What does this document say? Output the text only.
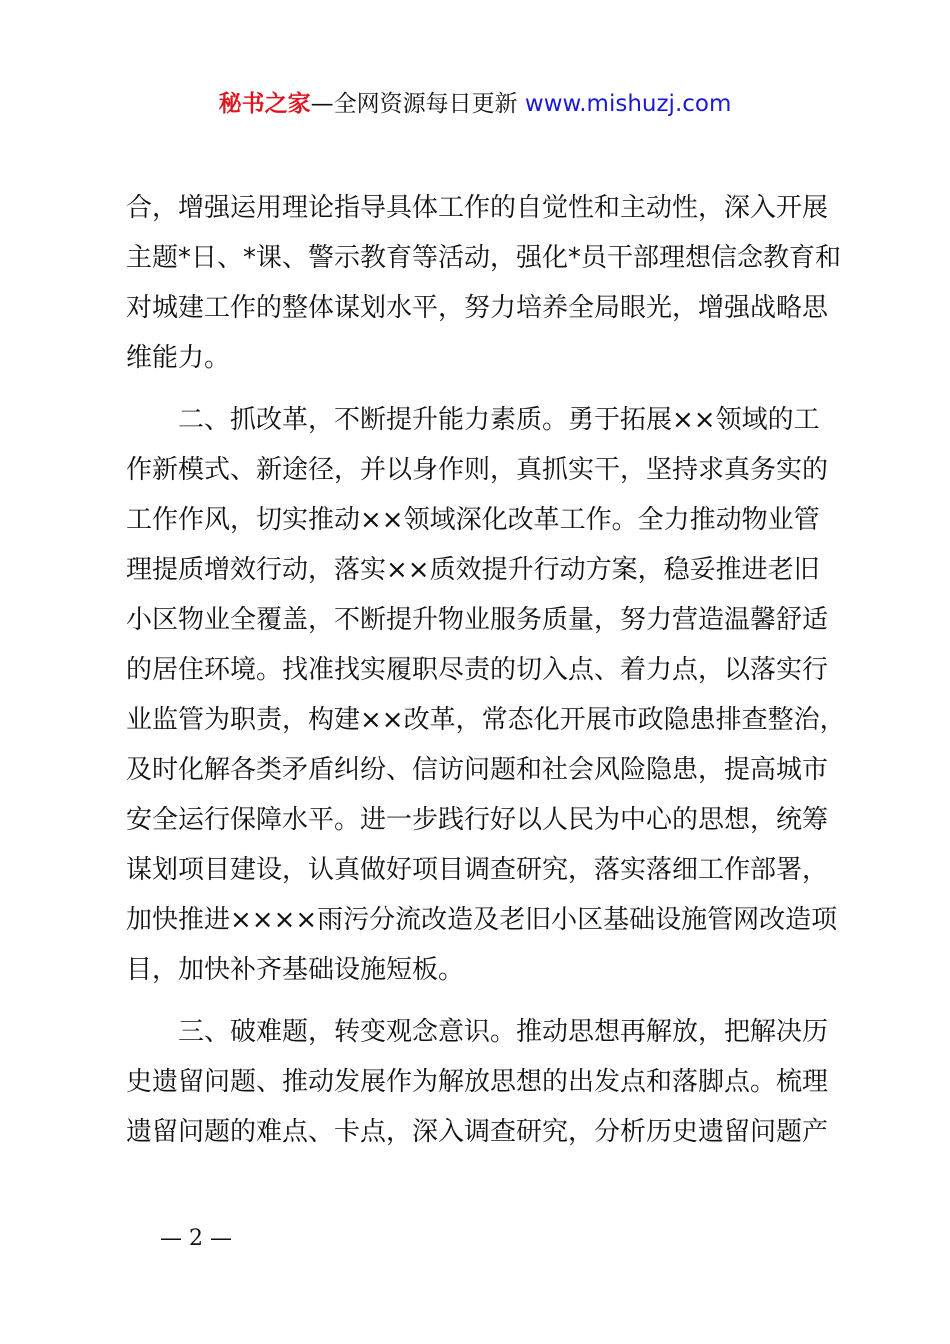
秘书之家—全网资源每日更新 www.mishuzj.com

合，增强运用理论指导具体工作的自觉性和主动性，深入开展
主题*日、*课、警示教育等活动，强化*员干部理想信念教育和
对城建工作的整体谋划水平，努力培养全局眼光，增强战略思
维能力。

二、抓改革，不断提升能力素质。勇于拓展××领域的工
作新模式、新途径，并以身作则，真抓实干，坚持求真务实的
工作作风，切实推动××领域深化改革工作。全力推动物业管
理提质增效行动，落实××质效提升行动方案，稳妥推进老旧
小区物业全覆盖，不断提升物业服务质量，努力营造温馨舒适
的居住环境。找准找实履职尽责的切入点、着力点，以落实行
业监管为职责，构建××改革，常态化开展市政隐患排查整治，
及时化解各类矛盾纠纷、信访问题和社会风险隐患，提高城市
安全运行保障水平。进一步践行好以人民为中心的思想，统筹
谋划项目建设，认真做好项目调查研究，落实落细工作部署，
加快推进××××雨污分流改造及老旧小区基础设施管网改造项
目，加快补齐基础设施短板。

三、破难题，转变观念意识。推动思想再解放，把解决历
史遗留问题、推动发展作为解放思想的出发点和落脚点。梳理
遗留问题的难点、卡点，深入调查研究，分析历史遗留问题产

— 2 —
